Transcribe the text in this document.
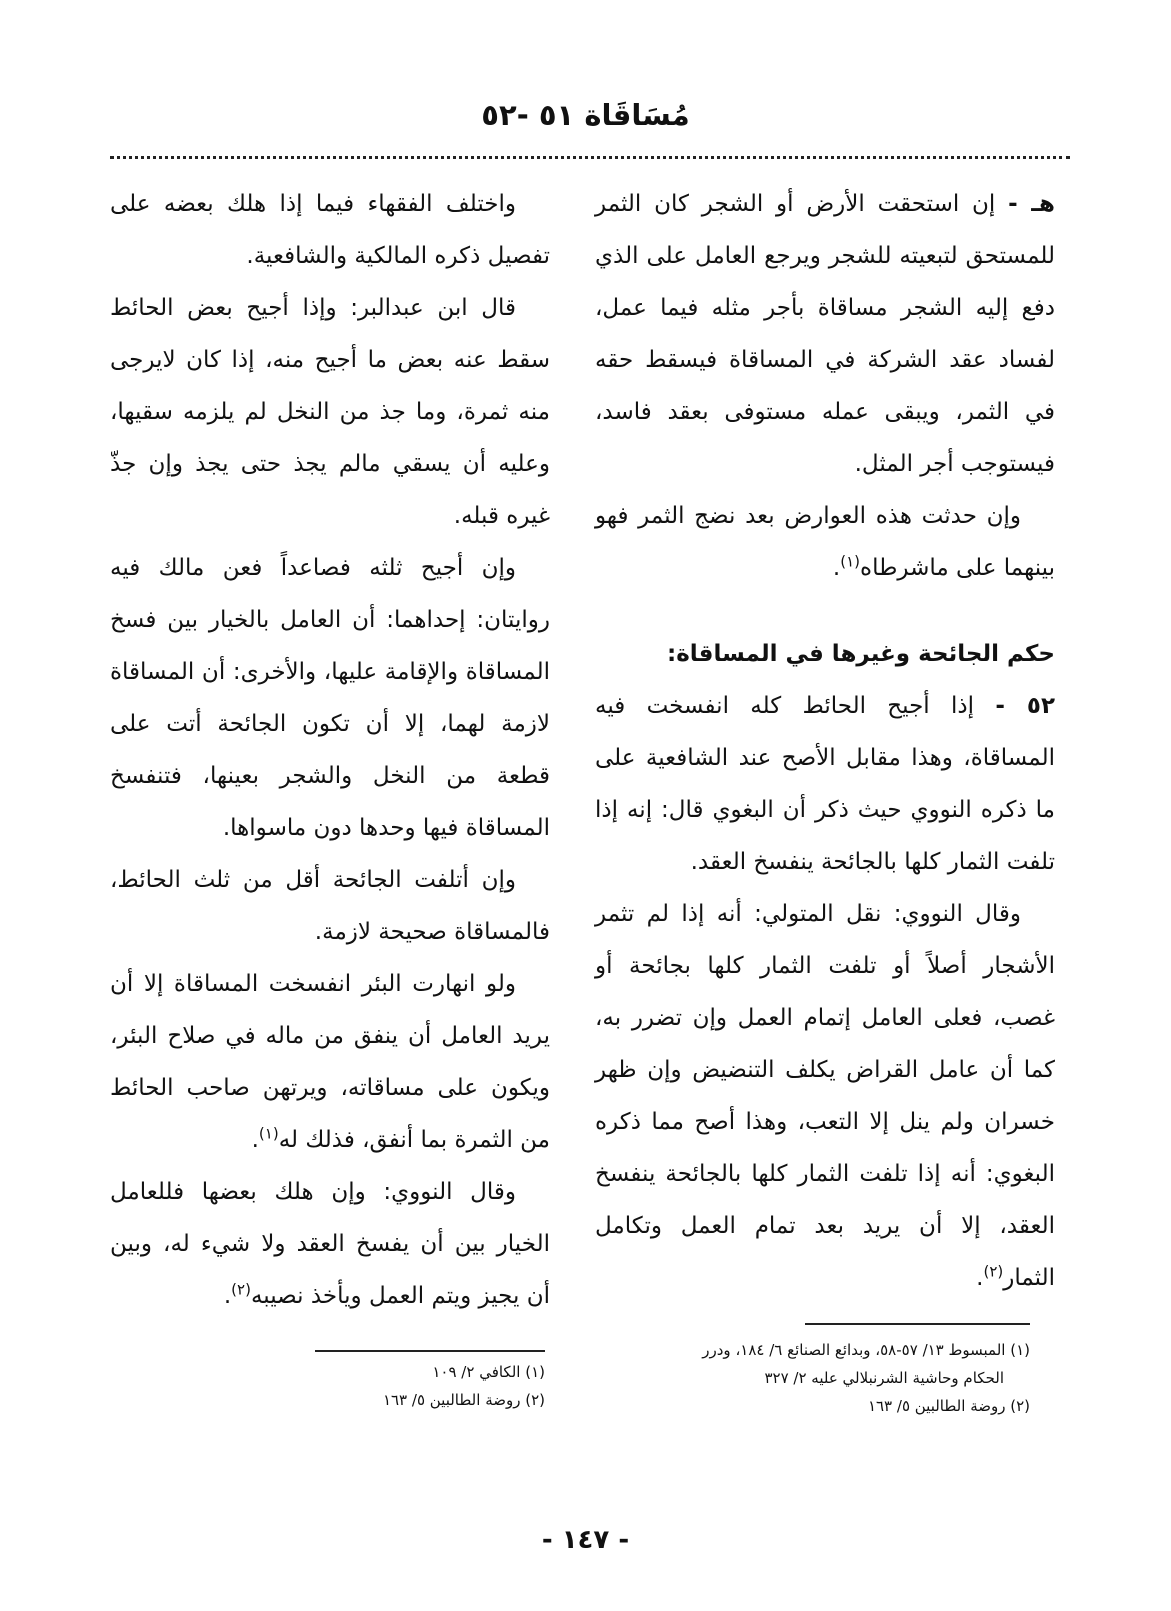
مُسَاقَاة ٥١ -٥٢

هـ - إن استحقت الأرض أو الشجر كان الثمر للمستحق لتبعيته للشجر ويرجع العامل على الذي دفع إليه الشجر مساقاة بأجر مثله فيما عمل، لفساد عقد الشركة في المساقاة فيسقط حقه في الثمر، ويبقى عمله مستوفى بعقد فاسد، فيستوجب أجر المثل.

وإن حدثت هذه العوارض بعد نضج الثمر فهو بينهما على ماشرطاه$^{(١)}$.

حكم الجائحة وغيرها في المساقاة:

٥٢ - إذا أجيح الحائط كله انفسخت فيه المساقاة، وهذا مقابل الأصح عند الشافعية على ما ذكره النووي حيث ذكر أن البغوي قال: إنه إذا تلفت الثمار كلها بالجائحة ينفسخ العقد.

وقال النووي: نقل المتولي: أنه إذا لم تثمر الأشجار أصلاً أو تلفت الثمار كلها بجائحة أو غصب، فعلى العامل إتمام العمل وإن تضرر به، كما أن عامل القراض يكلف التنضيض وإن ظهر خسران ولم ينل إلا التعب، وهذا أصح مما ذكره البغوي: أنه إذا تلفت الثمار كلها بالجائحة ينفسخ العقد، إلا أن يريد بعد تمام العمل وتكامل الثمار$^{(٢)}$.

واختلف الفقهاء فيما إذا هلك بعضه على تفصيل ذكره المالكية والشافعية.

قال ابن عبدالبر: وإذا أجيح بعض الحائط سقط عنه بعض ما أجيح منه، إذا كان لايرجى منه ثمرة، وما جذ من النخل لم يلزمه سقيها، وعليه أن يسقي مالم يجذ حتى يجذ وإن جذّ غيره قبله.

وإن أجيح ثلثه فصاعداً فعن مالك فيه روايتان: إحداهما: أن العامل بالخيار بين فسخ المساقاة والإقامة عليها، والأخرى: أن المساقاة لازمة لهما، إلا أن تكون الجائحة أتت على قطعة من النخل والشجر بعينها، فتنفسخ المساقاة فيها وحدها دون ماسواها.

وإن أتلفت الجائحة أقل من ثلث الحائط، فالمساقاة صحيحة لازمة.

ولو انهارت البئر انفسخت المساقاة إلا أن يريد العامل أن ينفق من ماله في صلاح البئر، ويكون على مساقاته، ويرتهن صاحب الحائط من الثمرة بما أنفق، فذلك له$^{(١)}$.

وقال النووي: وإن هلك بعضها فللعامل الخيار بين أن يفسخ العقد ولا شيء له، وبين أن يجيز ويتم العمل ويأخذ نصيبه$^{(٢)}$.

(١) المبسوط ١٣/ ٥٧-٥٨، وبدائع الصنائع ٦/ ١٨٤، ودرر

الحكام وحاشية الشرنبلالي عليه ٢/ ٣٢٧

(٢) روضة الطالبين ٥/ ١٦٣

(١) الكافي ٢/ ١٠٩

(٢) روضة الطالبين ٥/ ١٦٣

- ١٤٧ -
